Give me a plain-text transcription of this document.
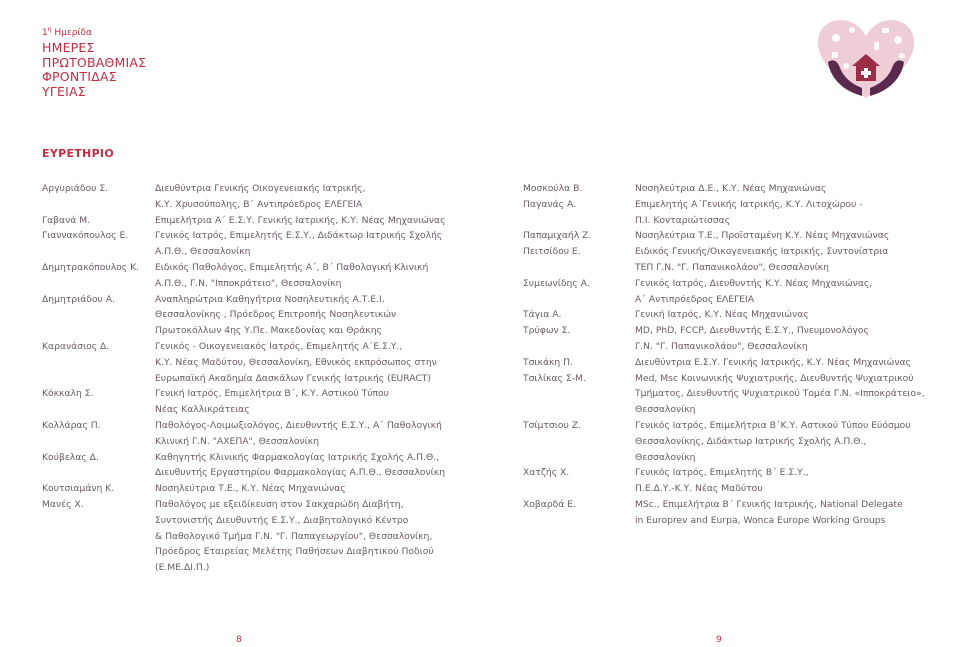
$1^\eta$ Ημερίδα
ΗΜΕΡΕΣ
ΠΡΩΤΟΒΑΘΜΙΑΣ
ΦΡΟΝΤΙΔΑΣ
ΥΓΕΙΑΣ
ΕΥΡΕΤΗΡΙΟ
Αργυριάδου Σ.	Διευθύντρια Γενικής Οικογενειακής Ιατρικής,
Κ.Υ. Χρυσούπολης, Β΄ Αντιπρόεδρος ΕΛΕΓΕΙΑ
Γαβανά Μ.	Επιμελήτρια Α΄ Ε.Σ.Υ. Γενικής Ιατρικής, Κ.Υ. Νέας Μηχανιώνας
Γιαννακόπουλος Ε.	Γενικός Ιατρός, Επιμελητής Ε.Σ.Υ., Διδάκτωρ Ιατρικής Σχολής
Α.Π.Θ., Θεσσαλονίκη
Δημητρακόπουλος Κ.	Ειδικός Παθολόγος, Επιμελητής Α΄, Β΄ Παθολογική Κλινική
Α.Π.Θ., Γ.Ν. "Ιπποκράτειο", Θεσσαλονίκη
Δημητριάδου Α.	Αναπληρώτρια Καθηγήτρια Νοσηλευτικής Α.Τ.Ε.Ι.
Θεσσαλονίκης , Πρόεδρος Επιτροπής Νοσηλευτικών
Πρωτοκόλλων 4ης Υ.Πε. Μακεδονίας και Θράκης
Καρανάσιος Δ.	Γενικός - Οικογενειακός Ιατρός, Επιμελητής Α΄Ε.Σ.Υ.,
Κ.Υ. Νέας Μαδύτου, Θεσσαλονίκη, Εθνικός εκπρόσωπος στην
Ευρωπαϊκή Ακαδημία Δασκάλων Γενικής Ιατρικής (EURACT)
Κόκκαλη Σ.	Γενική Ιατρός, Επιμελήτρια Β΄, Κ.Υ. Αστικού Τύπου
Νέας Καλλικράτειας
Κολλάρας Π.	Παθολόγος-Λοιμωξιολόγος, Διευθυντής Ε.Σ.Υ., Α΄ Παθολογική
Κλινική Γ.Ν. "ΑΧΕΠΑ", Θεσσαλονίκη
Κούβελας Δ.	Καθηγητής Κλινικής Φαρμακολογίας Ιατρικής Σχολής Α.Π.Θ.,
Διευθυντής Εργαστηρίου Φαρμακολογίας Α.Π.Θ., Θεσσαλονίκη
Κουτσιαμάνη Κ.	Νοσηλεύτρια Τ.Ε., Κ.Υ. Νέας Μηχανιώνας
Μανές Χ.	Παθολόγος με εξειδίκευση στον Σακχαρώδη Διαβήτη,
Συντονιστής Διευθυντής Ε.Σ.Υ., Διαβητολογικό Κέντρο
& Παθολογικό Τμήμα Γ.Ν. "Γ. Παπαγεωργίου", Θεσσαλονίκη,
Πρόεδρος Εταιρείας Μελέτης Παθήσεων Διαβητικού Ποδιού
(Ε.ΜΕ.ΔΙ.Π.)
Μοσκούλα Β.	Νοσηλεύτρια Δ.Ε., Κ.Υ. Νέας Μηχανιώνας
Παγανάς Α.	Επιμελητής Α΄Γενικής Ιατρικής, Κ.Υ. Λιτοχώρου -
Π.Ι. Κονταριώτισσας
Παπαμιχαήλ Ζ.	Νοσηλεύτρια Τ.Ε., Προϊσταμένη Κ.Υ. Νέας Μηχανιώνας
Πειτσίδου Ε.	Ειδικός Γενικής/Οικογενειακής Ιατρικής, Συντονίστρια
ΤΕΠ Γ.Ν. "Γ. Παπανικολάου", Θεσσαλονίκη
Συμεωνίδης Α.	Γενικός Ιατρός, Διευθυντής Κ.Υ. Νέας Μηχανιώνας,
Α΄ Αντιπρόεδρος ΕΛΕΓΕΙΑ
Τάγια Α.	Γενική Ιατρός, Κ.Υ. Νέας Μηχανιώνας
Τρύφων Σ.	MD, PhD, FCCP, Διευθυντής Ε.Σ.Υ., Πνευμονολόγος
Γ.Ν. "Γ. Παπανικολάου", Θεσσαλονίκη
Τσικάκη Π.	Διευθύντρια Ε.Σ.Υ. Γενικής Ιατρικής, Κ.Υ. Νέας Μηχανιώνας
Τσιλίκας Σ-Μ.	Med, Msc Κοινωνικής Ψυχιατρικής, Διευθυντής Ψυχιατρικού
Τμήματος, Διευθυντής Ψυχιατρικού Τομέα Γ.Ν. «Ιπποκράτειο»,
Θεσσαλονίκη
Τσίμτσιου Ζ.	Γενικός Ιατρός, Επιμελήτρια Β΄Κ.Υ. Αστικού Τύπου Εύόσμου
Θεσσαλονίκης, Διδάκτωρ Ιατρικής Σχολής Α.Π.Θ.,
Θεσσαλονίκη
Χατζής Χ.	Γενικός Ιατρός, Επιμελητής Β΄ Ε.Σ.Υ.,
Π.Ε.Δ.Υ.-Κ.Υ. Νέας Μαδύτου
Χοβαρδά Ε.	MSc., Επιμελήτρια Β΄ Γενικής Ιατρικής, National Delegate
in Europrev and Eurpa, Wonca Europe Working Groups
8	9
